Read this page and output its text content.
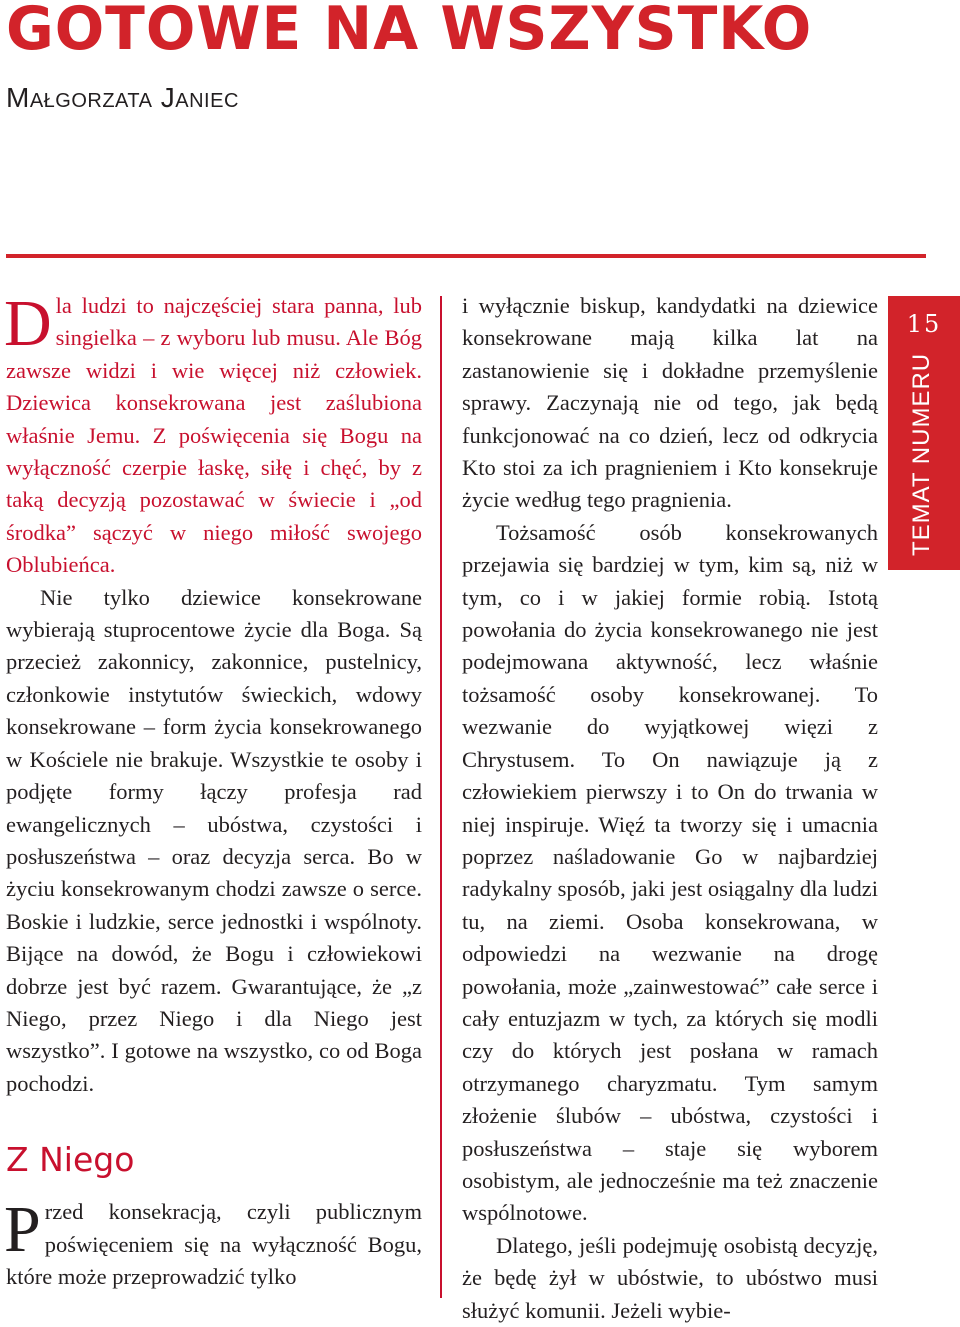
GOTOWE NA WSZYSTKO
Małgorzata Janiec
15
TEMAT NUMERU

Dla ludzi to najczęściej stara panna, lub singielka – z wyboru lub musu. Ale Bóg zawsze widzi i wie więcej niż człowiek. Dziewica konsekrowana jest zaślubiona właśnie Jemu. Z poświęcenia się Bogu na wyłączność czerpie łaskę, siłę i chęć, by z taką decyzją pozostawać w świecie i „od środka” sączyć w niego miłość swojego Oblubieńca.

Nie tylko dziewice konsekrowane wybierają stuprocentowe życie dla Boga. Są przecież zakonnicy, zakonnice, pustelnicy, członkowie instytutów świeckich, wdowy konsekrowane – form życia konsekrowanego w Kościele nie brakuje. Wszystkie te osoby i podjęte formy łączy profesja rad ewangelicznych – ubóstwa, czystości i posłuszeństwa – oraz decyzja serca. Bo w życiu konsekrowanym chodzi zawsze o serce. Boskie i ludzkie, serce jednostki i wspólnoty. Bijące na dowód, że Bogu i człowiekowi dobrze jest być razem. Gwarantujące, że „z Niego, przez Niego i dla Niego jest wszystko”. I gotowe na wszystko, co od Boga pochodzi.

Z Niego

Przed konsekracją, czyli publicznym poświęceniem się na wyłączność Bogu, które może przeprowadzić tylko

i wyłącznie biskup, kandydatki na dziewice konsekrowane mają kilka lat na zastanowienie się i dokładne przemyślenie sprawy. Zaczynają nie od tego, jak będą funkcjonować na co dzień, lecz od odkrycia Kto stoi za ich pragnieniem i Kto konsekruje życie według tego pragnienia.

Tożsamość osób konsekrowanych przejawia się bardziej w tym, kim są, niż w tym, co i w jakiej formie robią. Istotą powołania do życia konsekrowanego nie jest podejmowana aktywność, lecz właśnie tożsamość osoby konsekrowanej. To wezwanie do wyjątkowej więzi z Chrystusem. To On nawiązuje ją z człowiekiem pierwszy i to On do trwania w niej inspiruje. Więź ta tworzy się i umacnia poprzez naśladowanie Go w najbardziej radykalny sposób, jaki jest osiągalny dla ludzi tu, na ziemi. Osoba konsekrowana, w odpowiedzi na wezwanie na drogę powołania, może „zainwestować” całe serce i cały entuzjazm w tych, za których się modli czy do których jest posłana w ramach otrzymanego charyzmatu. Tym samym złożenie ślubów – ubóstwa, czystości i posłuszeństwa – staje się wyborem osobistym, ale jednocześnie ma też znaczenie wspólnotowe.

Dlatego, jeśli podejmuję osobistą decyzję, że będę żył w ubóstwie, to ubóstwo musi służyć komunii. Jeżeli wybie-
